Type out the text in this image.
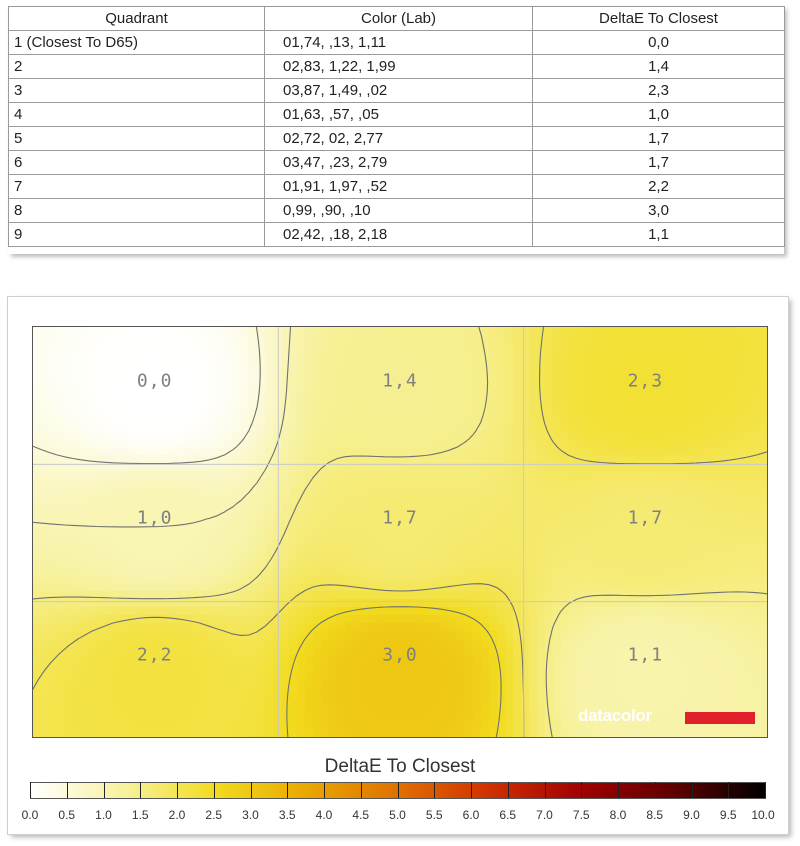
Quadrant	Color (Lab)	DeltaE To Closest
1 (Closest To D65)	01,74, ,13, 1,11	0,0
2	02,83, 1,22, 1,99	1,4
3	03,87, 1,49, ,02	2,3
4	01,63, ,57, ,05	1,0
5	02,72, 02, 2,77	1,7
6	03,47, ,23, 2,79	1,7
7	01,91, 1,97, ,52	2,2
8	0,99, ,90, ,10	3,0
9	02,42, ,18, 2,18	1,1
0,0	1,4	2,3
1,0	1,7	1,7
2,2	3,0	1,1
datacolor
DeltaE To Closest
0.0 0.5 1.0 1.5 2.0 2.5 3.0 3.5 4.0 4.5 5.0 5.5 6.0 6.5 7.0 7.5 8.0 8.5 9.0 9.5 10.0
